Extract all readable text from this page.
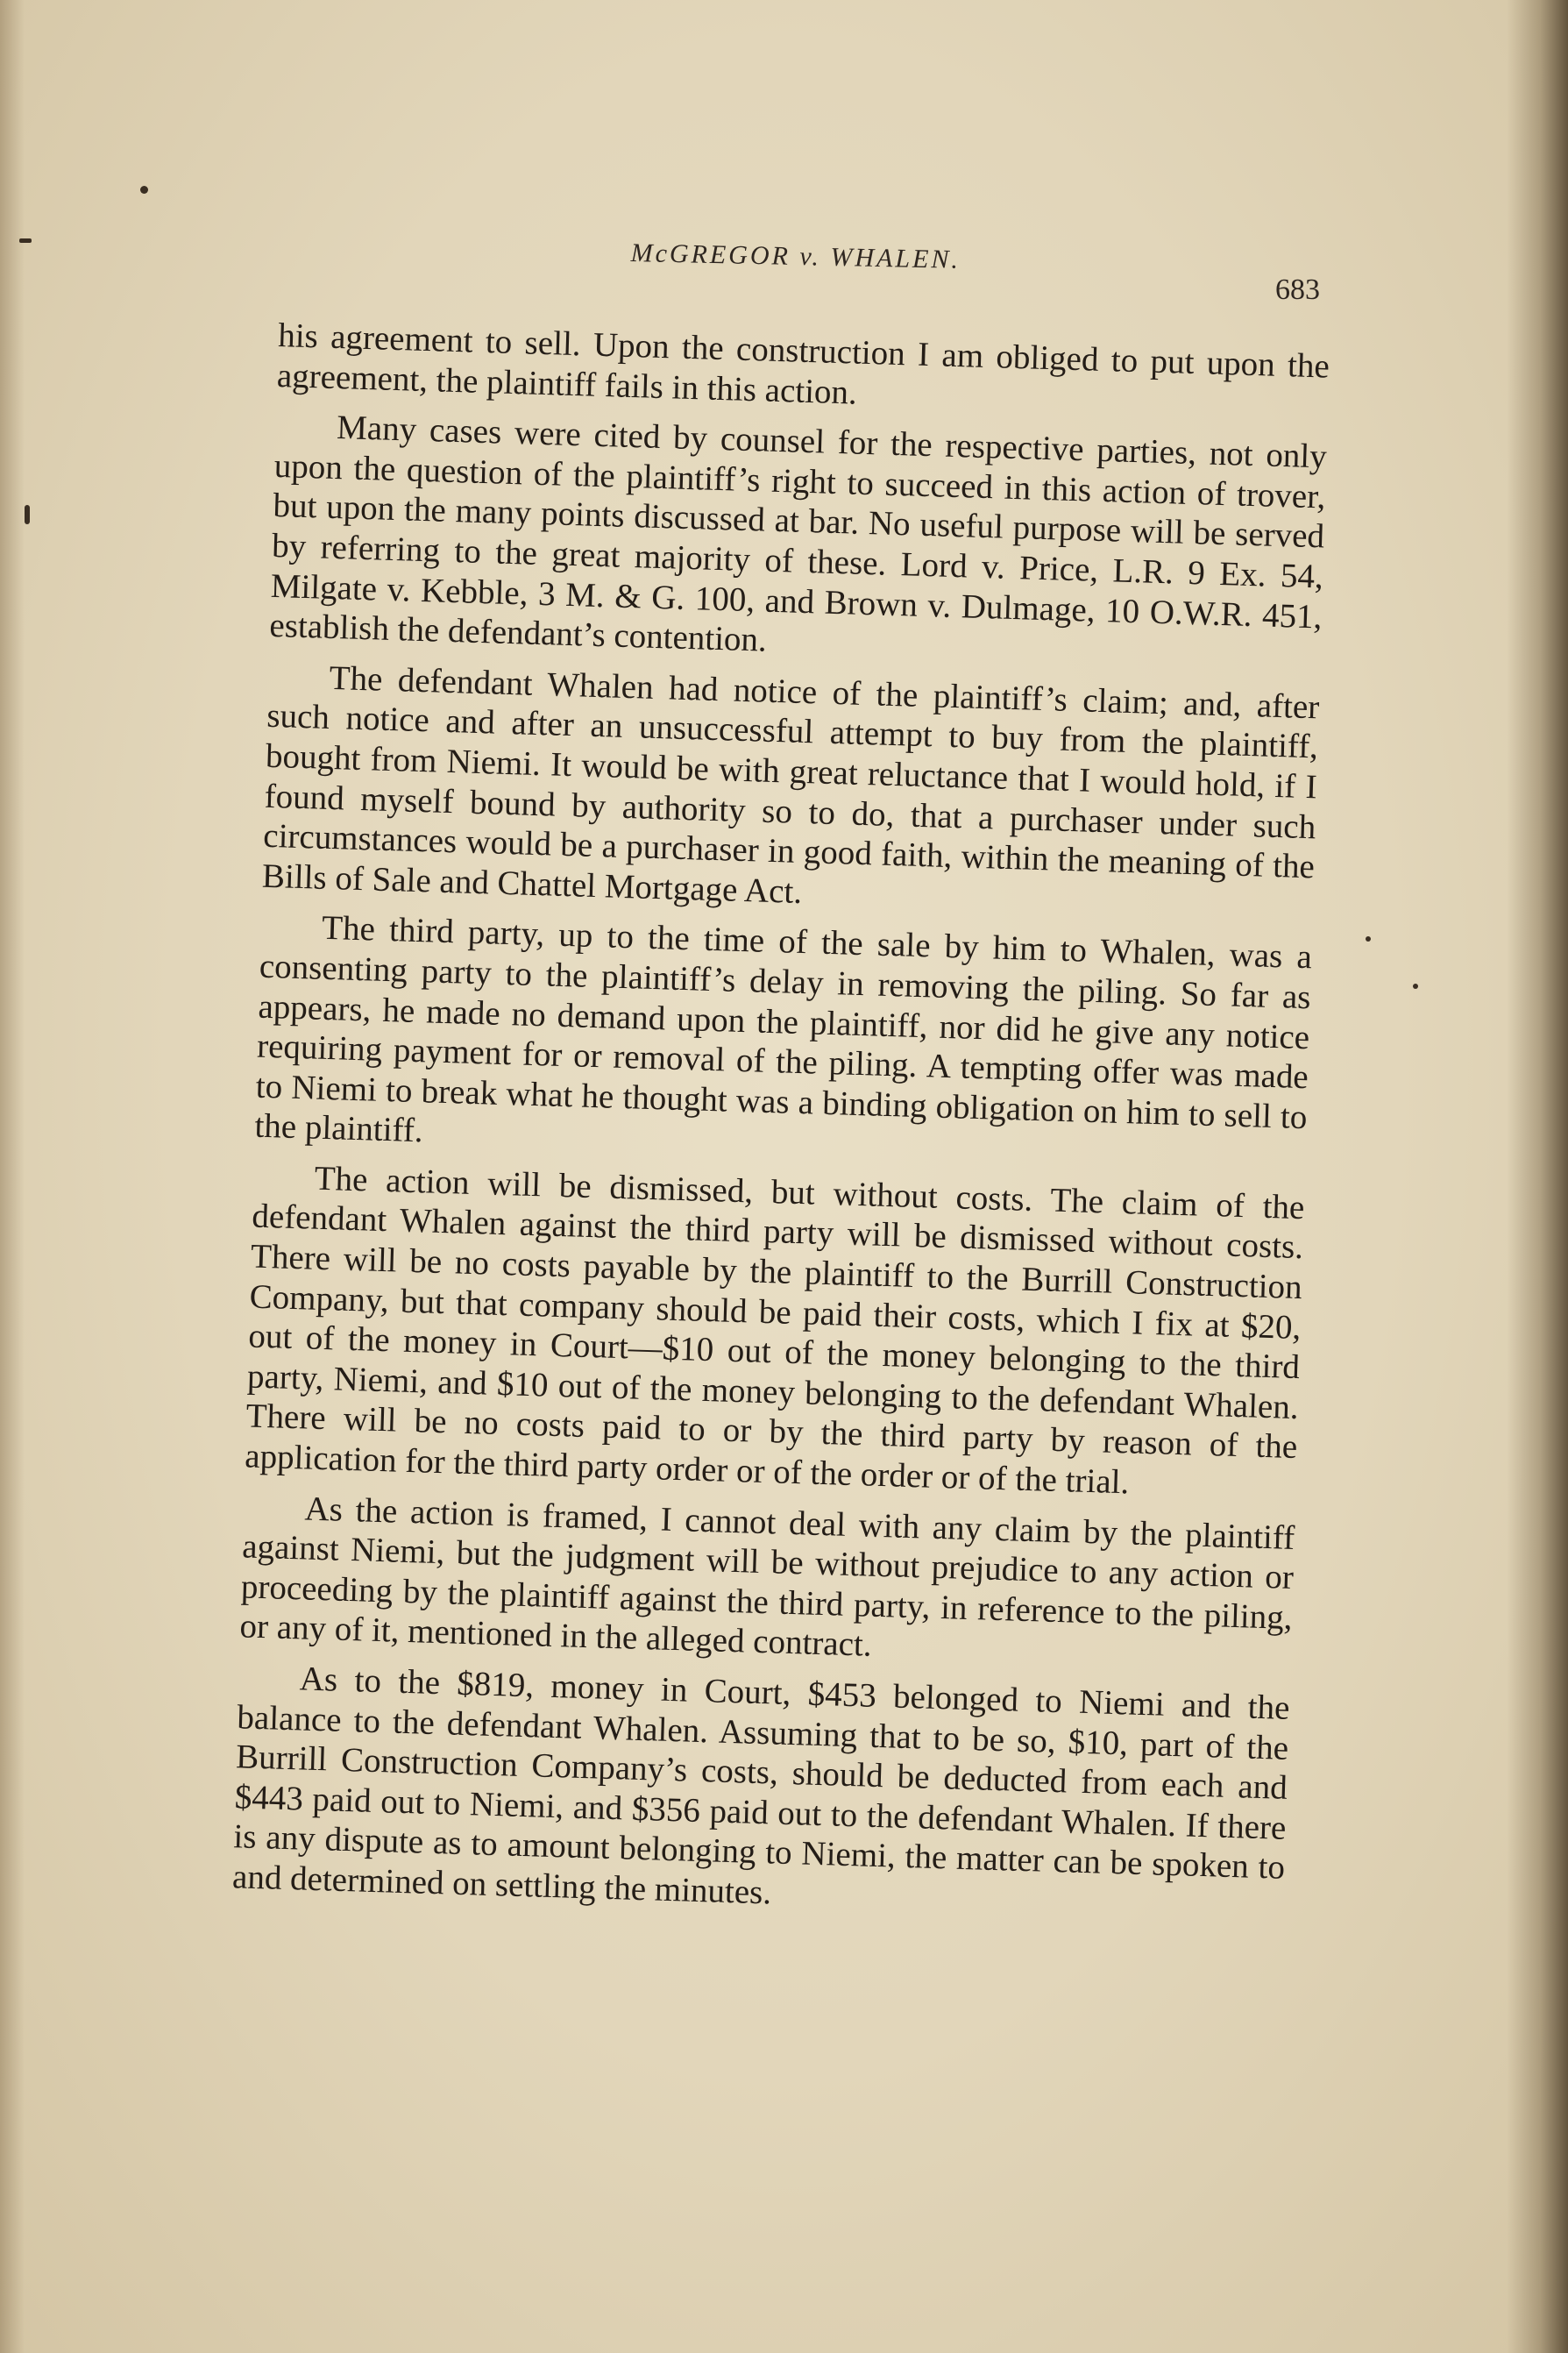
McGREGOR v. WHALEN.
683

his agreement to sell. Upon the construction I am obliged to put upon the agreement, the plaintiff fails in this action.

Many cases were cited by counsel for the respective parties, not only upon the question of the plaintiff’s right to succeed in this action of trover, but upon the many points discussed at bar. No useful purpose will be served by referring to the great majority of these. Lord v. Price, L.R. 9 Ex. 54, Milgate v. Kebble, 3 M. & G. 100, and Brown v. Dulmage, 10 O.W.R. 451, establish the defendant’s contention.

The defendant Whalen had notice of the plaintiff’s claim; and, after such notice and after an unsuccessful attempt to buy from the plaintiff, bought from Niemi. It would be with great reluctance that I would hold, if I found myself bound by authority so to do, that a purchaser under such circumstances would be a purchaser in good faith, within the meaning of the Bills of Sale and Chattel Mortgage Act.

The third party, up to the time of the sale by him to Whalen, was a consenting party to the plaintiff’s delay in removing the piling. So far as appears, he made no demand upon the plaintiff, nor did he give any notice requiring payment for or removal of the piling. A tempting offer was made to Niemi to break what he thought was a binding obligation on him to sell to the plaintiff.

The action will be dismissed, but without costs. The claim of the defendant Whalen against the third party will be dismissed without costs. There will be no costs payable by the plaintiff to the Burrill Construction Company, but that company should be paid their costs, which I fix at $20, out of the money in Court—$10 out of the money belonging to the third party, Niemi, and $10 out of the money belonging to the defendant Whalen. There will be no costs paid to or by the third party by reason of the application for the third party order or of the order or of the trial.

As the action is framed, I cannot deal with any claim by the plaintiff against Niemi, but the judgment will be without prejudice to any action or proceeding by the plaintiff against the third party, in reference to the piling, or any of it, mentioned in the alleged contract.

As to the $819, money in Court, $453 belonged to Niemi and the balance to the defendant Whalen. Assuming that to be so, $10, part of the Burrill Construction Company’s costs, should be deducted from each and $443 paid out to Niemi, and $356 paid out to the defendant Whalen. If there is any dispute as to amount belonging to Niemi, the matter can be spoken to and determined on settling the minutes.
